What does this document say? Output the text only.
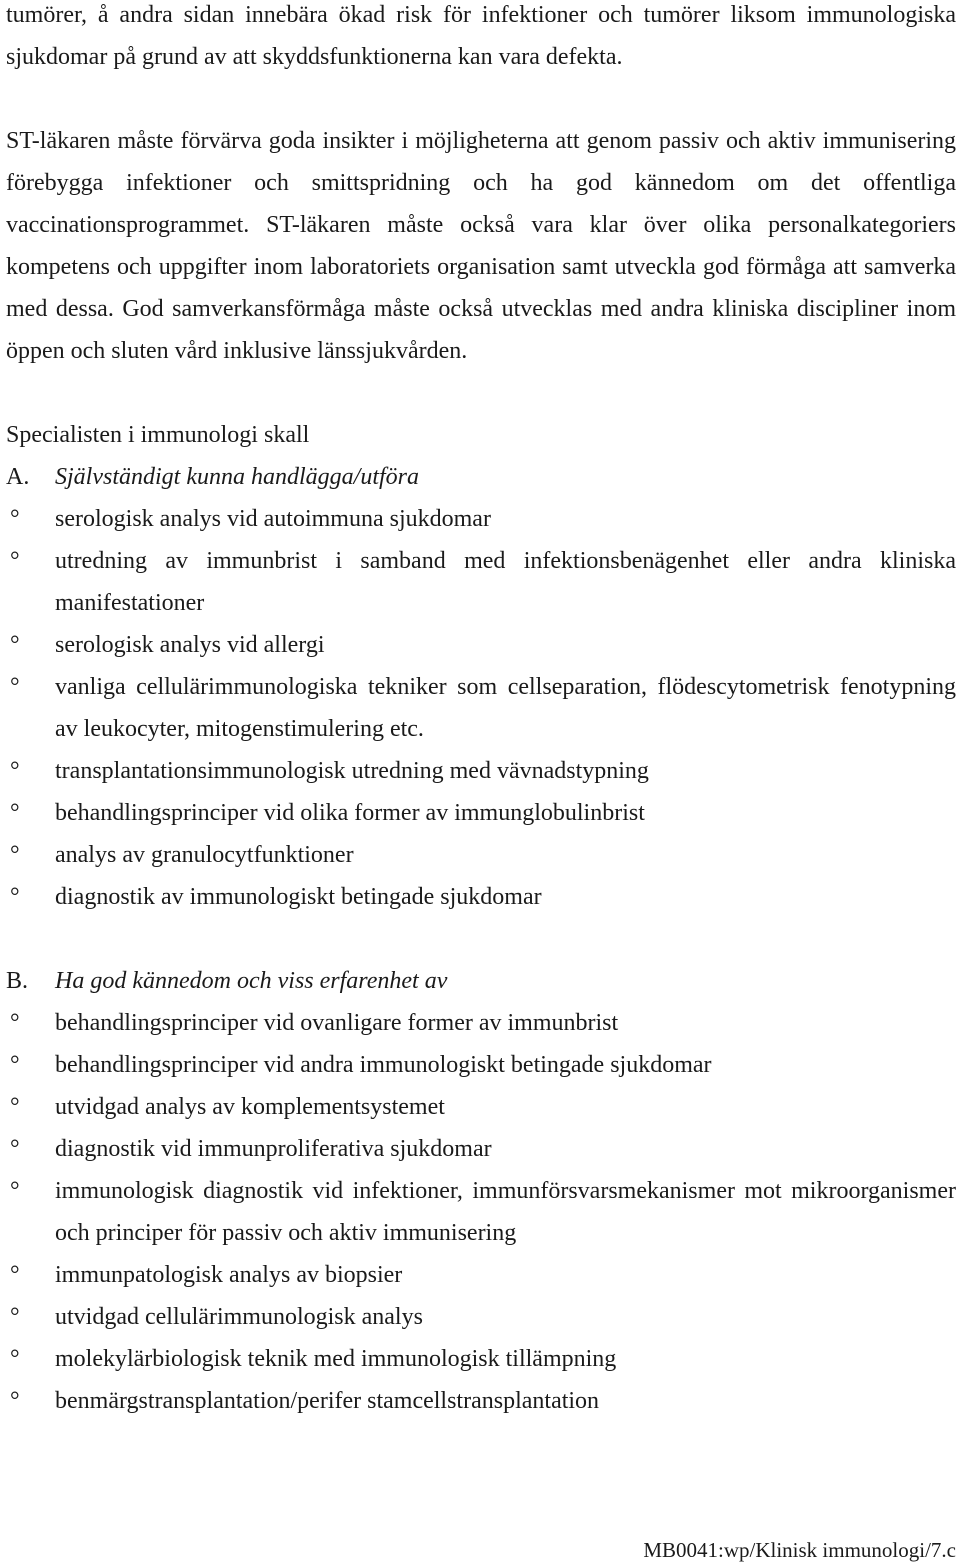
tumörer, å andra sidan innebära ökad risk för infektioner och tumörer liksom immunologiska sjukdomar på grund av att skyddsfunktionerna kan vara defekta.

ST-läkaren måste förvärva goda insikter i möjligheterna att genom passiv och aktiv immunisering förebygga infektioner och smittspridning och ha god kännedom om det offentliga vaccinationsprogrammet. ST-läkaren måste också vara klar över olika personalkategoriers kompetens och uppgifter inom laboratoriets organisation samt utveckla god förmåga att samverka med dessa. God samverkansförmåga måste också utvecklas med andra kliniska discipliner inom öppen och sluten vård inklusive länssjukvården.

Specialisten i immunologi skall

A.	Självständigt kunna handlägga/utföra
°	serologisk analys vid autoimmuna sjukdomar
°	utredning av immunbrist i samband med infektionsbenägenhet eller andra kliniska manifestationer
°	serologisk analys vid allergi
°	vanliga cellulärimmunologiska tekniker som cellseparation, flödescytometrisk fenotypning av leukocyter, mitogenstimulering etc.
°	transplantationsimmunologisk utredning med vävnadstypning
°	behandlingsprinciper vid olika former av immunglobulinbrist
°	analys av granulocytfunktioner
°	diagnostik av immunologiskt betingade sjukdomar
B.	Ha god kännedom och viss erfarenhet av
°	behandlingsprinciper vid ovanligare former av immunbrist
°	behandlingsprinciper vid andra immunologiskt betingade sjukdomar
°	utvidgad analys av komplementsystemet
°	diagnostik vid immunproliferativa sjukdomar
°	immunologisk diagnostik vid infektioner, immunförsvarsmekanismer mot mikroorganismer och principer för passiv och aktiv immunisering
°	immunpatologisk analys av biopsier
°	utvidgad cellulärimmunologisk analys
°	molekylärbiologisk teknik med immunologisk tillämpning
°	benmärgstransplantation/perifer stamcellstransplantation
MB0041:wp/Klinisk immunologi/7.c
